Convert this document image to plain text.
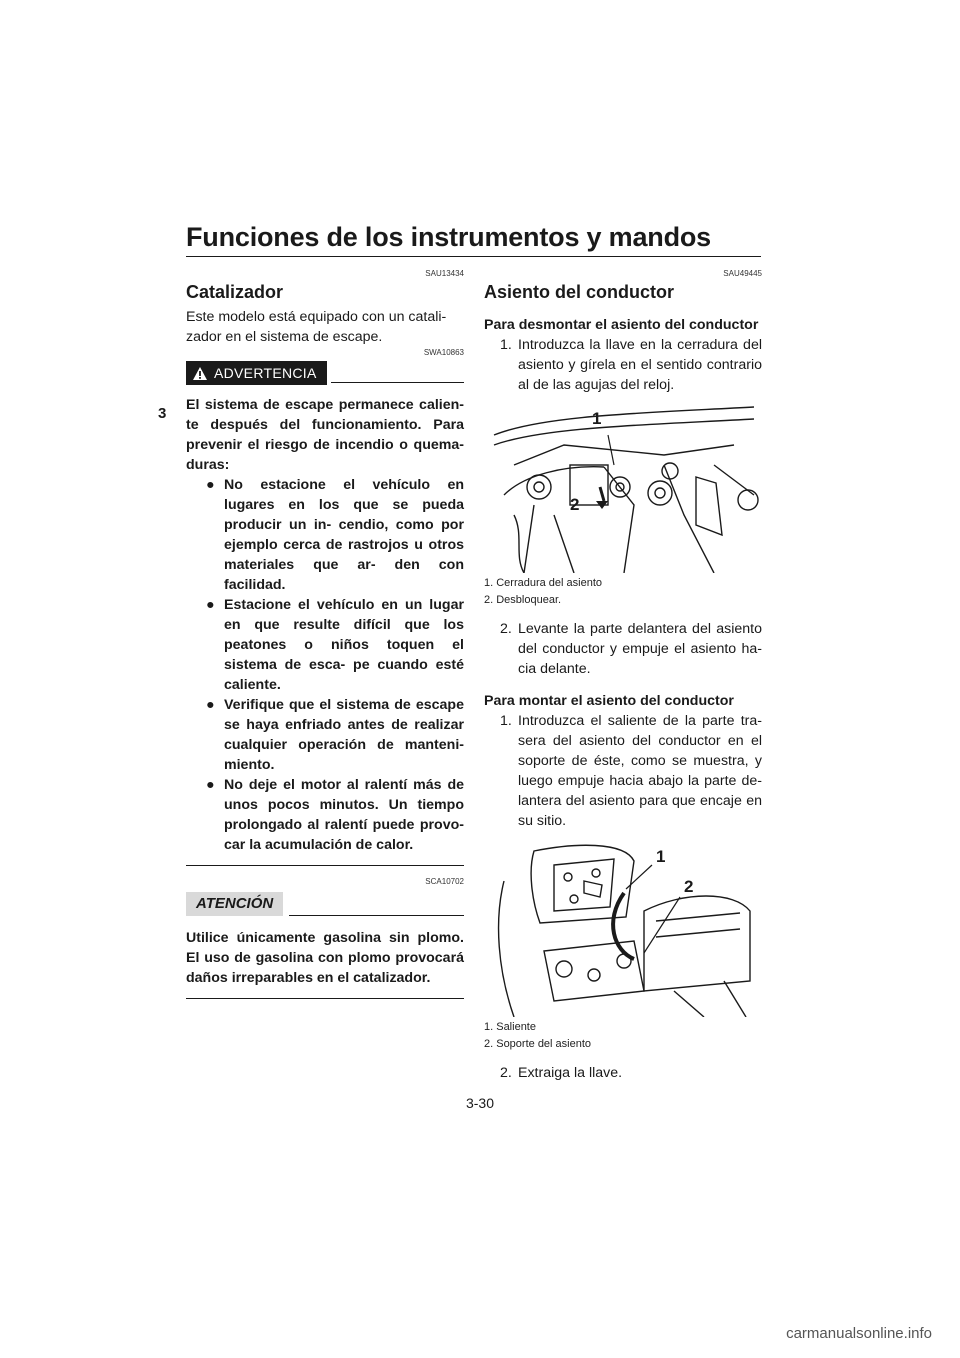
Funciones de los instrumentos y mandos
3
SAU13434
Catalizador

Este modelo está equipado con un catali- zador en el sistema de escape.

SWA10863
ADVERTENCIA

El sistema de escape permanece calien- te después del funcionamiento. Para prevenir el riesgo de incendio o quema- duras:

● No estacione el vehículo en lugares en los que se pueda producir un in- cendio, como por ejemplo cerca de rastrojos u otros materiales que ar- den con facilidad.
● Estacione el vehículo en un lugar en que resulte difícil que los peatones o niños toquen el sistema de esca- pe cuando esté caliente.
● Verifique que el sistema de escape se haya enfriado antes de realizar cualquier operación de manteni- miento.
● No deje el motor al ralentí más de unos pocos minutos. Un tiempo prolongado al ralentí puede provo- car la acumulación de calor.
SCA10702
ATENCIÓN

Utilice únicamente gasolina sin plomo. El uso de gasolina con plomo provocará daños irreparables en el catalizador.

SAU49445
Asiento del conductor
Para desmontar el asiento del conductor
1. Introduzca la llave en la cerradura del asiento y gírela en el sentido contrario al de las agujas del reloj.
1
2
1. Cerradura del asiento
2. Desbloquear.
2. Levante la parte delantera del asiento del conductor y empuje el asiento ha- cia delante.
Para montar el asiento del conductor
1. Introduzca el saliente de la parte tra- sera del asiento del conductor en el soporte de éste, como se muestra, y luego empuje hacia abajo la parte de- lantera del asiento para que encaje en su sitio.
1
2
1. Saliente
2. Soporte del asiento
2. Extraiga la llave.
3-30
carmanualsonline.info
